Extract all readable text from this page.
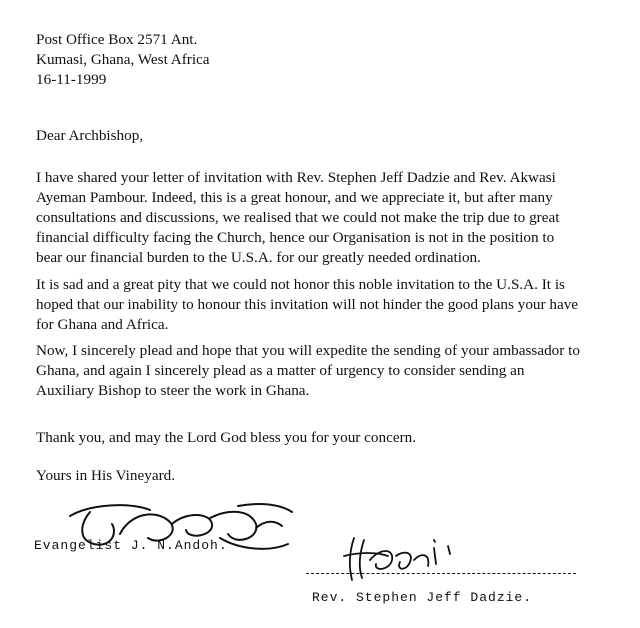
Post Office Box 2571 Ant.
Kumasi, Ghana, West Africa
16-11-1999
Dear Archbishop,

I have shared your letter of invitation with Rev. Stephen Jeff Dadzie and Rev. Akwasi

Ayeman Pambour. Indeed, this is a great honour, and we appreciate it, but after many

consultations and discussions, we realised that we could not make the trip due to great

financial difficulty facing the Church, hence our Organisation is not in the position to

bear our financial burden to the U.S.A. for our greatly needed ordination.

It is sad and a great pity that we could not honor this noble invitation to the U.S.A. It is

hoped that our inability to honour this invitation will not hinder the good plans your have

for Ghana and Africa.

Now, I sincerely plead and hope that you will expedite the sending of your ambassador to

Ghana, and again I sincerely plead as a matter of urgency to consider sending an

Auxiliary Bishop to steer the work in Ghana.

Thank you, and may the Lord God bless you for your concern.

Yours in His Vineyard.
Evangelist J. N.Andoh.
Rev. Stephen Jeff Dadzie.
